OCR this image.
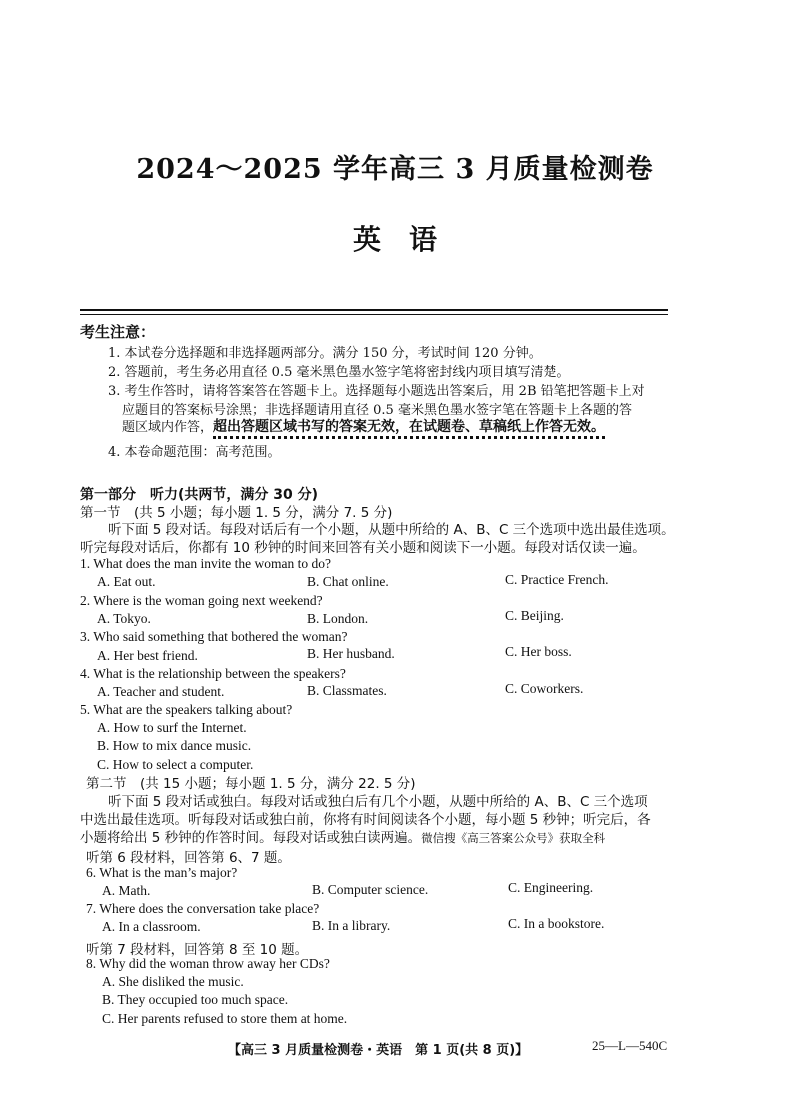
2024～2025 学年高三 3 月质量检测卷
英　语
考生注意：
1. 本试卷分选择题和非选择题两部分。满分 150 分，考试时间 120 分钟。
2. 答题前，考生务必用直径 0.5 毫米黑色墨水签字笔将密封线内项目填写清楚。
3. 考生作答时，请将答案答在答题卡上。选择题每小题选出答案后，用 2B 铅笔把答题卡上对
应题目的答案标号涂黑；非选择题请用直径 0.5 毫米黑色墨水签字笔在答题卡上各题的答
题区域内作答，超出答题区域书写的答案无效，在试题卷、草稿纸上作答无效。
4. 本卷命题范围：高考范围。
第一部分　听力(共两节，满分 30 分)
第一节　(共 5 小题；每小题 1. 5 分，满分 7. 5 分)
听下面 5 段对话。每段对话后有一个小题，从题中所给的 A、B、C 三个选项中选出最佳选项。
听完每段对话后，你都有 10 秒钟的时间来回答有关小题和阅读下一小题。每段对话仅读一遍。
1. What does the man invite the woman to do?
A. Eat out.	B. Chat online.	C. Practice French.
2. Where is the woman going next weekend?
A. Tokyo.	B. London.	C. Beijing.
3. Who said something that bothered the woman?
A. Her best friend.	B. Her husband.	C. Her boss.
4. What is the relationship between the speakers?
A. Teacher and student.	B. Classmates.	C. Coworkers.
5. What are the speakers talking about?
A. How to surf the Internet.
B. How to mix dance music.
C. How to select a computer.
第二节　(共 15 小题；每小题 1. 5 分，满分 22. 5 分)
听下面 5 段对话或独白。每段对话或独白后有几个小题，从题中所给的 A、B、C 三个选项
中选出最佳选项。听每段对话或独白前，你将有时间阅读各个小题，每小题 5 秒钟；听完后，各
小题将给出 5 秒钟的作答时间。每段对话或独白读两遍。微信搜《高三答案公众号》获取全科
听第 6 段材料，回答第 6、7 题。
6. What is the man’s major?
A. Math.	B. Computer science.	C. Engineering.
7. Where does the conversation take place?
A. In a classroom.	B. In a library.	C. In a bookstore.
听第 7 段材料，回答第 8 至 10 题。
8. Why did the woman throw away her CDs?
A. She disliked the music.
B. They occupied too much space.
C. Her parents refused to store them at home.
【高三 3 月质量检测卷・英语　第 1 页(共 8 页)】	25—L—540C
